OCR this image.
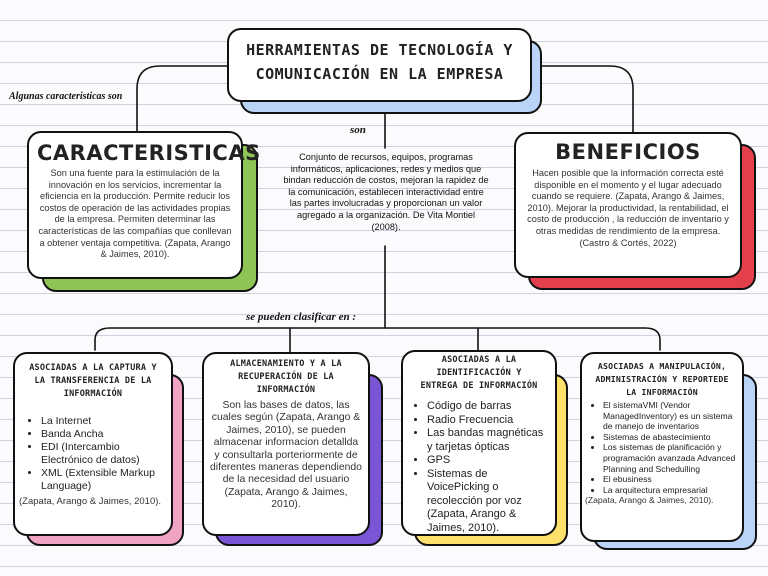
HERRAMIENTAS DE TECNOLOGÍA Y
COMUNICACIÓN EN LA EMPRESA
Algunas caracteristicas son
son
se pueden clasificar en :
Conjunto de recursos, equipos, programas informáticos, aplicaciones, redes y medios que bindan reducción de costos, mejoran la rapidez de la comunicación, establecen interactividad entre las partes involucradas y proporcionan un valor agregado a la organización. De Vita Montiel (2008).
CARACTERISTICAS
Son una fuente para la estimulación de la innovación en los servicios, incrementar la eficiencia en la producción. Permite reducir los costos de operación de las actividades propias de la empresa. Permiten determinar las características de las compañías que conllevan a obtener ventaja competitiva. (Zapata, Arango & Jaimes, 2010).
BENEFICIOS
Hacen posible que la información correcta esté disponible en el momento y el lugar adecuado cuando se requiere. (Zapata, Arango & Jaimes, 2010). Mejorar la productividad, la rentabilidad, el costo de producción , la reducción de inventario y otras medidas de rendimiento de la empresa. (Castro & Cortés, 2022)
ASOCIADAS A LA CAPTURA Y
LA TRANSFERENCIA DE LA
INFORMACIÓN
• La Internet
• Banda Ancha
• EDI (Intercambio Electrónico de datos)
• XML (Extensible Markup Language)
(Zapata, Arango & Jaimes, 2010).
ALMACENAMIENTO Y A LA
RECUPERACIÓN DE LA
INFORMACIÓN
Son las bases de datos, las cuales según (Zapata, Arango & Jaimes, 2010), se pueden almacenar informacion detallda y consultarla porteriormente de diferentes maneras dependiendo de la necesidad del usuario (Zapata, Arango & Jaimes, 2010).
ASOCIADAS A LA
IDENTIFICACIÓN Y
ENTREGA DE INFORMACIÓN
• Código de barras
• Radio Frecuencia
• Las bandas magnéticas y tarjetas ópticas
• GPS
• Sistemas de VoicePicking o recolección por voz (Zapata, Arango & Jaimes, 2010).
ASOCIADAS A MANIPULACIÓN,
ADMINISTRACIÓN Y REPORTEDE
LA INFORMACIÓN
• El sistemaVMI (Vendor ManagedInventory) es un sistema de manejo de inventarios
• Sistemas de abastecimiento
• Los sistemas de planificación y programación avanzada Advanced Planning and Schedulling
• El ebusiness
• La arquitectura empresarial
(Zapata, Arango & Jaimes, 2010).
